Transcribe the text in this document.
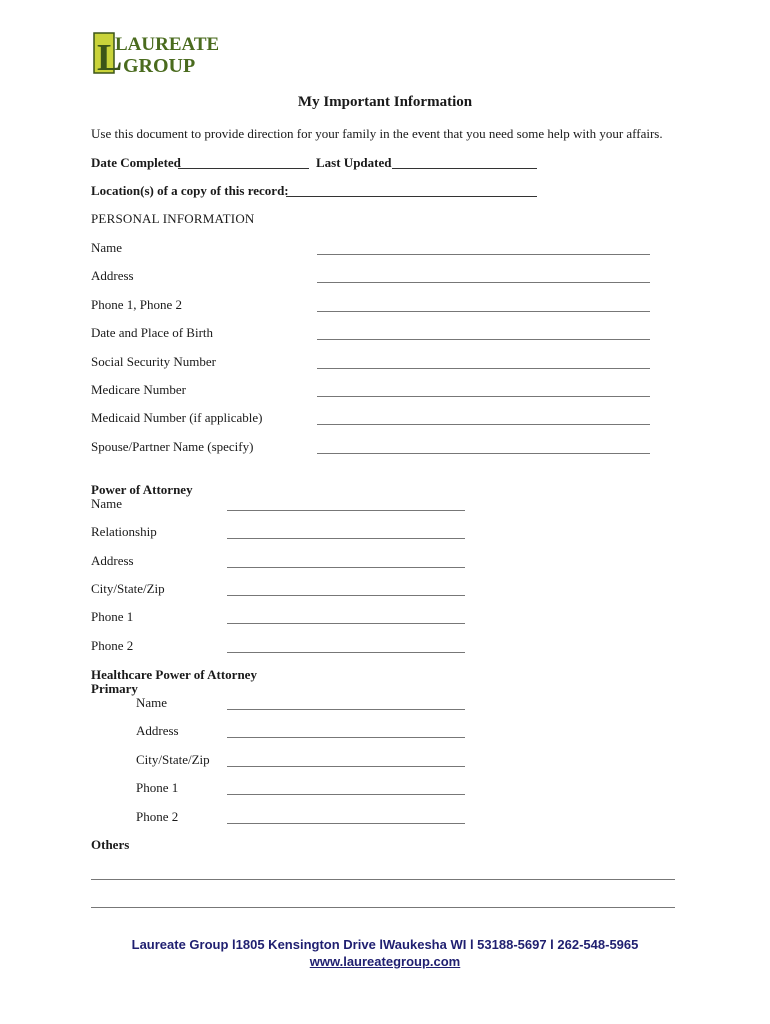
L
LAUREATE
GROUP
My Important Information
Use this document to provide direction for your family in the event that you need some help with your affairs.
Date Completed	Last Updated
Location(s) of a copy of this record:
PERSONAL INFORMATION
Name
Address
Phone 1, Phone 2
Date and Place of Birth
Social Security Number
Medicare Number
Medicaid Number (if applicable)
Spouse/Partner Name (specify)
Power of Attorney
Name
Relationship
Address
City/State/Zip
Phone 1
Phone 2
Healthcare Power of Attorney
Primary
Name
Address
City/State/Zip
Phone 1
Phone 2
Others
Laureate Group l1805 Kensington Drive lWaukesha WI l 53188-5697 l 262-548-5965
www.laureategroup.com
